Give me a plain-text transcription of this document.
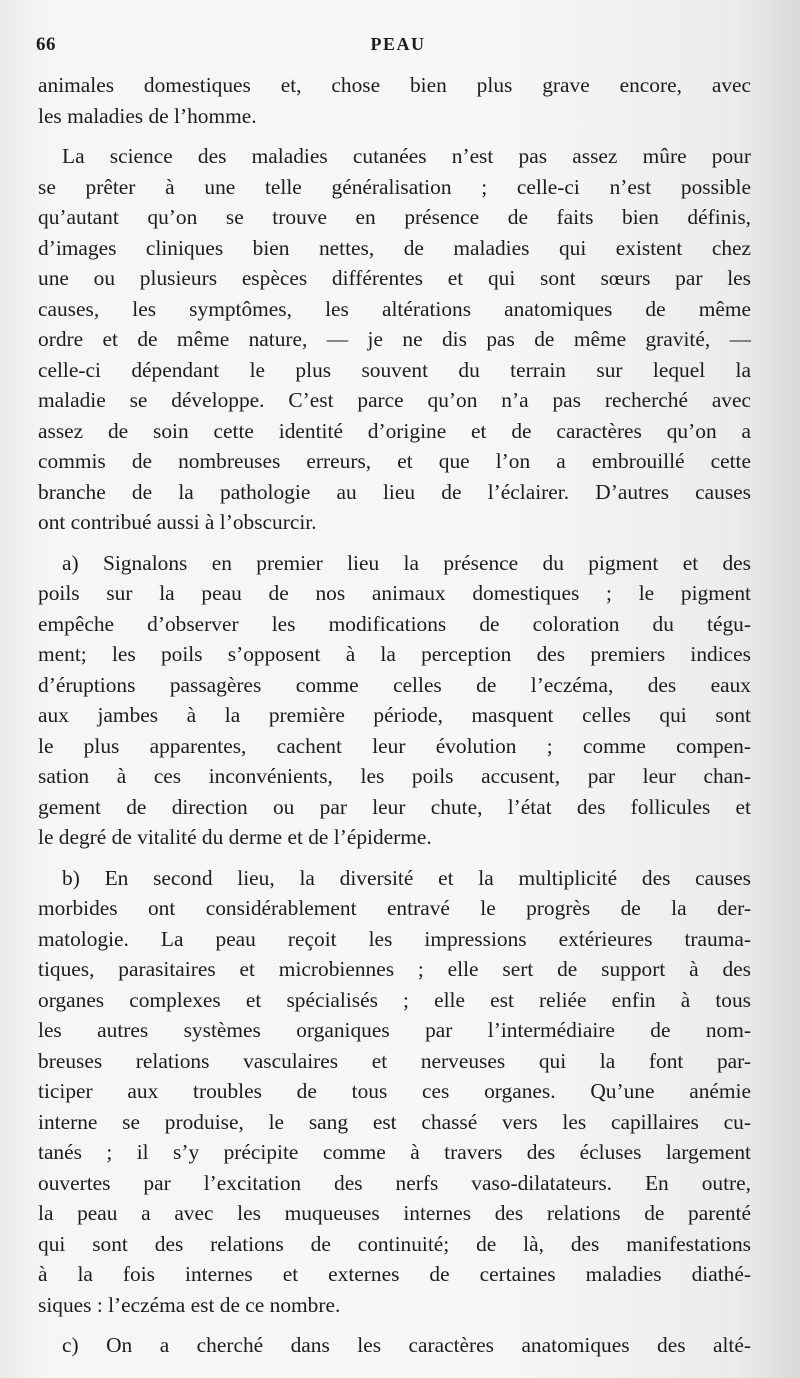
66	PEAU
animales domestiques et, chose bien plus grave encore, avec
les maladies de l’homme.
La science des maladies cutanées n’est pas assez mûre pour
se prêter à une telle généralisation ; celle-ci n’est possible
qu’autant qu’on se trouve en présence de faits bien définis,
d’images cliniques bien nettes, de maladies qui existent chez
une ou plusieurs espèces différentes et qui sont sœurs par les
causes, les symptômes, les altérations anatomiques de même
ordre et de même nature, — je ne dis pas de même gravité, —
celle-ci dépendant le plus souvent du terrain sur lequel la
maladie se développe. C’est parce qu’on n’a pas recherché avec
assez de soin cette identité d’origine et de caractères qu’on a
commis de nombreuses erreurs, et que l’on a embrouillé cette
branche de la pathologie au lieu de l’éclairer. D’autres causes
ont contribué aussi à l’obscurcir.
a) Signalons en premier lieu la présence du pigment et des
poils sur la peau de nos animaux domestiques ; le pigment
empêche d’observer les modifications de coloration du tégu-
ment; les poils s’opposent à la perception des premiers indices
d’éruptions passagères comme celles de l’eczéma, des eaux
aux jambes à la première période, masquent celles qui sont
le plus apparentes, cachent leur évolution ; comme compen-
sation à ces inconvénients, les poils accusent, par leur chan-
gement de direction ou par leur chute, l’état des follicules et
le degré de vitalité du derme et de l’épiderme.
b) En second lieu, la diversité et la multiplicité des causes
morbides ont considérablement entravé le progrès de la der-
matologie. La peau reçoit les impressions extérieures trauma-
tiques, parasitaires et microbiennes ; elle sert de support à des
organes complexes et spécialisés ; elle est reliée enfin à tous
les autres systèmes organiques par l’intermédiaire de nom-
breuses relations vasculaires et nerveuses qui la font par-
ticiper aux troubles de tous ces organes. Qu’une anémie
interne se produise, le sang est chassé vers les capillaires cu-
tanés ; il s’y précipite comme à travers des écluses largement
ouvertes par l’excitation des nerfs vaso-dilatateurs. En outre,
la peau a avec les muqueuses internes des relations de parenté
qui sont des relations de continuité; de là, des manifestations
à la fois internes et externes de certaines maladies diathé-
siques : l’eczéma est de ce nombre.
c) On a cherché dans les caractères anatomiques des alté-
